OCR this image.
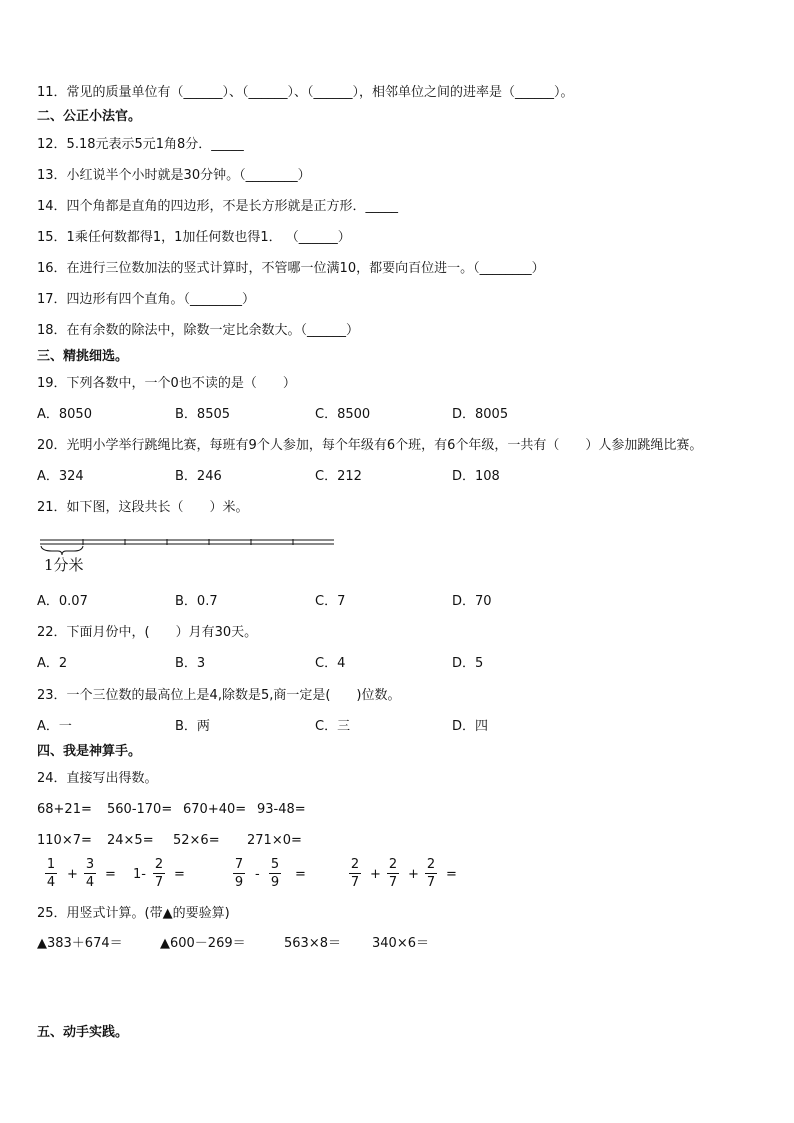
11．常见的质量单位有（______）、（______）、（______），相邻单位之间的进率是（______）。
二、公正小法官。
12．5.18元表示5元1角8分．_____
13．小红说半个小时就是30分钟。（________）
14．四个角都是直角的四边形，不是长方形就是正方形．_____
15．1乘任何数都得1，1加任何数也得1． （______）
16．在进行三位数加法的竖式计算时，不管哪一位满10，都要向百位进一。（________）
17．四边形有四个直角。（________）
18．在有余数的除法中，除数一定比余数大。（______）
三、精挑细选。
19．下列各数中，一个0也不读的是（　　）
A．8050	B．8505	C．8500	D．8005
20．光明小学举行跳绳比赛，每班有9个人参加，每个年级有6个班，有6个年级，一共有（　　）人参加跳绳比赛。
A．324	B．246	C．212	D．108
21．如下图，这段共长（　　）米。
1分米
A．0.07	B．0.7	C．7	D．70
22．下面月份中，(　　）月有30天。
A．2	B．3	C．4	D．5
23．一个三位数的最高位上是4,除数是5,商一定是(　　)位数。
A．一	B．两	C．三	D．四
四、我是神算手。
24．直接写出得数。
68+21= 560-170= 670+40= 93-48=
110×7= 24×5= 52×6= 271×0=
1
4
+
3
4
= 1-
2
7
=
7
9
-
5
9
=
2
7
+
2
7
+
2
7
=
25．用竖式计算。(带▲的要验算)
▲383＋674＝	▲600－269＝	563×8＝ 340×6＝
五、动手实践。
